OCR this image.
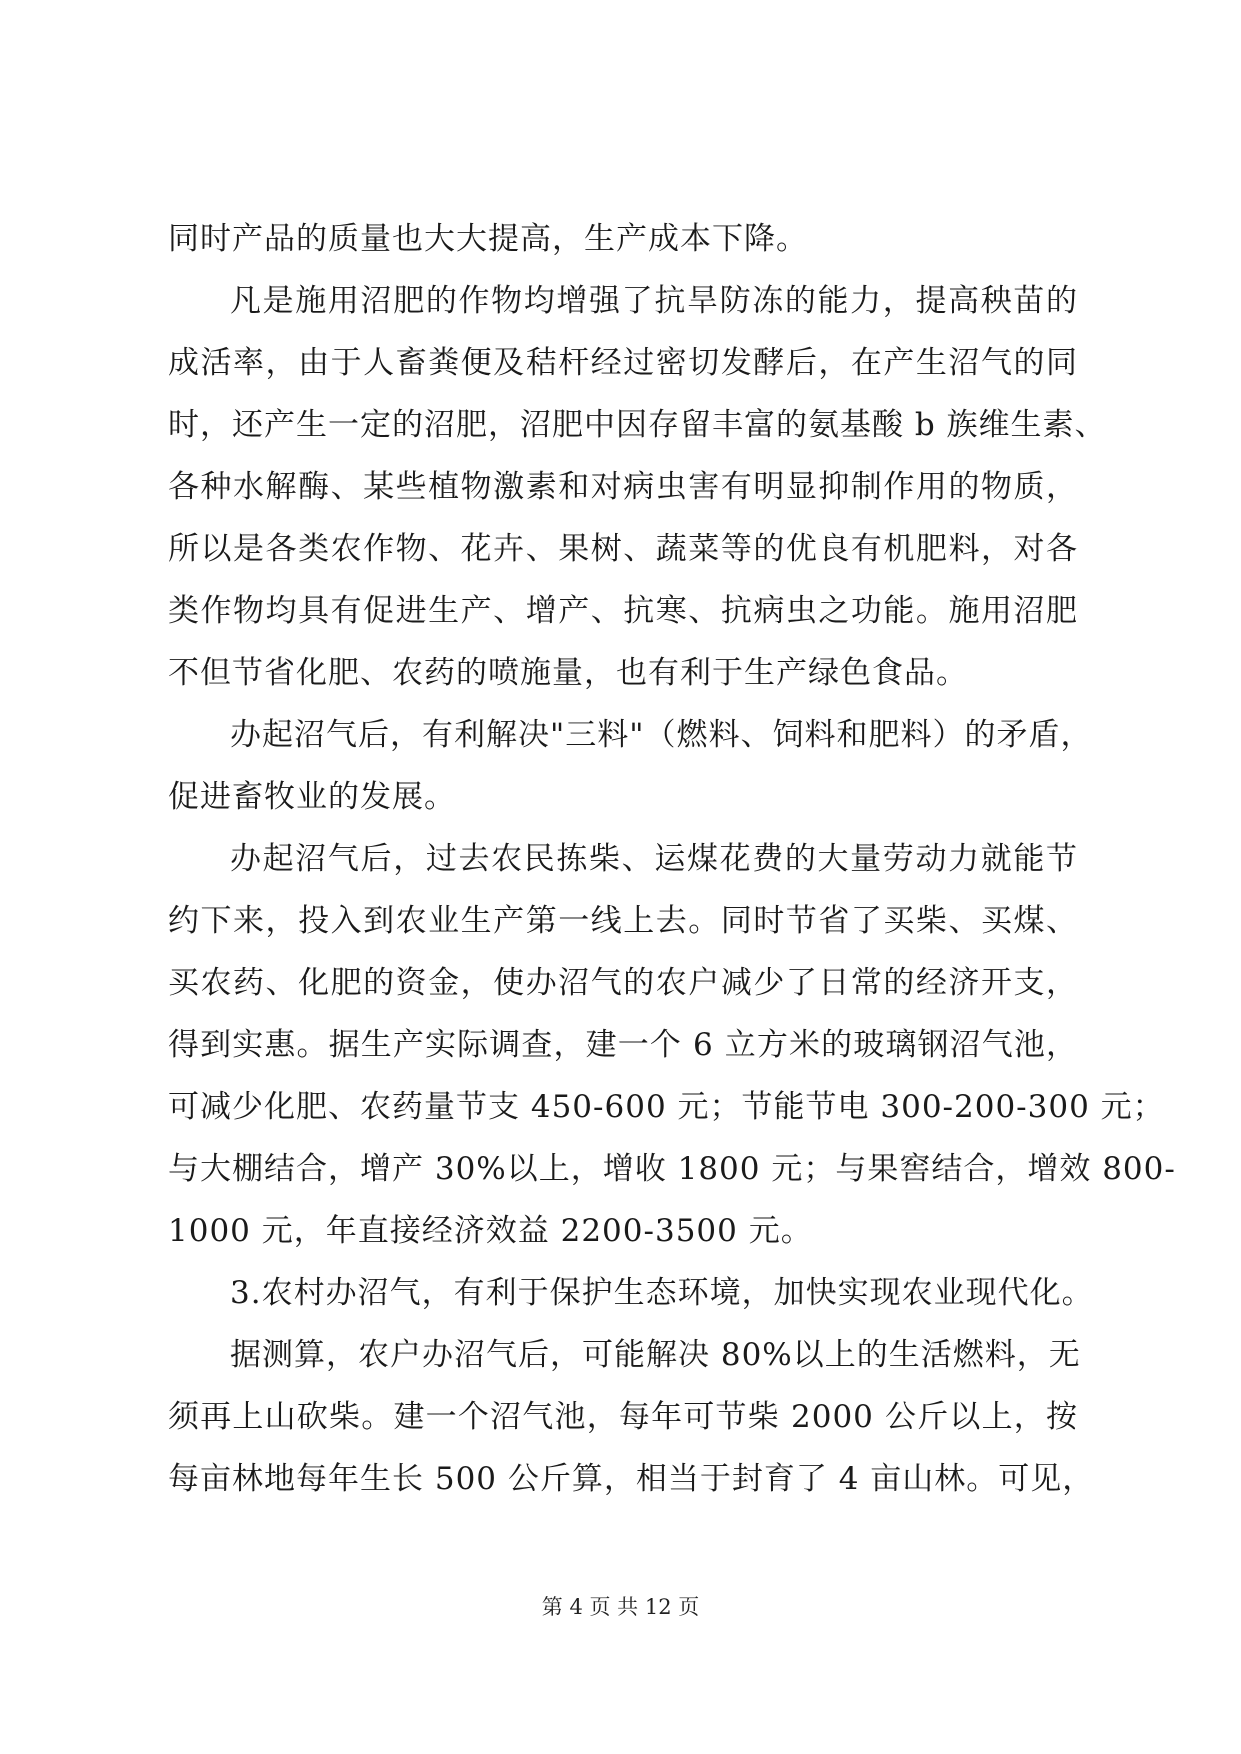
同时产品的质量也大大提高，生产成本下降。
凡是施用沼肥的作物均增强了抗旱防冻的能力，提高秧苗的
成活率，由于人畜粪便及秸杆经过密切发酵后，在产生沼气的同
时，还产生一定的沼肥，沼肥中因存留丰富的氨基酸 b 族维生素、
各种水解酶、某些植物激素和对病虫害有明显抑制作用的物质，
所以是各类农作物、花卉、果树、蔬菜等的优良有机肥料，对各
类作物均具有促进生产、增产、抗寒、抗病虫之功能。施用沼肥
不但节省化肥、农药的喷施量，也有利于生产绿色食品。
办起沼气后，有利解决"三料"（燃料、饲料和肥料）的矛盾，
促进畜牧业的发展。
办起沼气后，过去农民拣柴、运煤花费的大量劳动力就能节
约下来，投入到农业生产第一线上去。同时节省了买柴、买煤、
买农药、化肥的资金，使办沼气的农户减少了日常的经济开支，
得到实惠。据生产实际调查，建一个 6 立方米的玻璃钢沼气池，
可减少化肥、农药量节支 450-600 元；节能节电 300-200-300 元；
与大棚结合，增产 30%以上，增收 1800 元；与果窖结合，增效 800-
1000 元，年直接经济效益 2200-3500 元。
3.农村办沼气，有利于保护生态环境，加快实现农业现代化。
据测算，农户办沼气后，可能解决 80%以上的生活燃料，无
须再上山砍柴。建一个沼气池，每年可节柴 2000 公斤以上，按
每亩林地每年生长 500 公斤算，相当于封育了 4 亩山林。可见，
第 4 页 共 12 页
